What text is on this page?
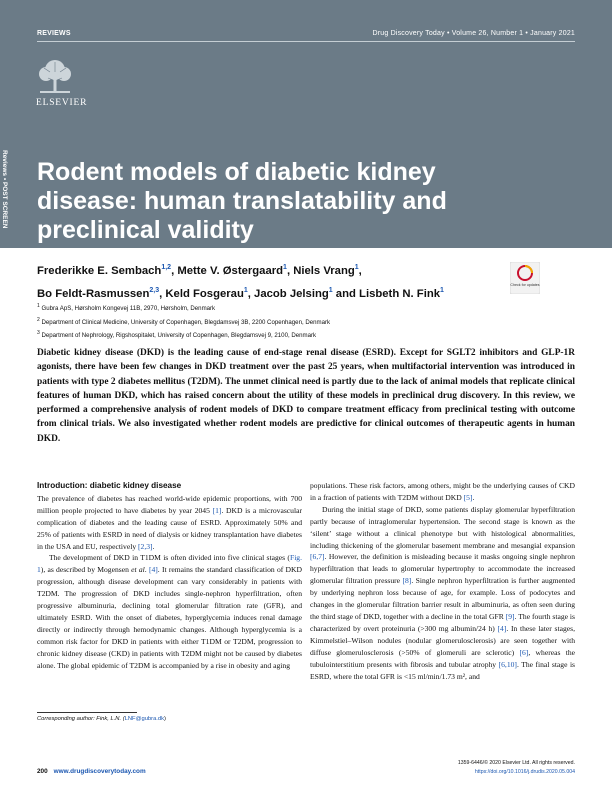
REVIEWS	Drug Discovery Today • Volume 26, Number 1 • January 2021
ELSEVIER
Reviews • POST SCREEN Rodent models of diabetic kidney disease: human translatability and preclinical validity
Frederikke E. Sembach$^{1,2}$, Mette V. Østergaard$^1$, Niels Vrang$^1$,
Bo Feldt-Rasmussen$^{2,3}$, Keld Fosgerau$^1$, Jacob Jelsing$^1$ and Lisbeth N. Fink$^1$
Check for updates
$^1$ Gubra ApS, Hørsholm Kongevej 11B, 2970, Hørsholm, Denmark
$^2$ Department of Clinical Medicine, University of Copenhagen, Blegdamsvej 3B, 2200 Copenhagen, Denmark
$^3$ Department of Nephrology, Rigshospitalet, University of Copenhagen, Blegdamsvej 9, 2100, Denmark
Diabetic kidney disease (DKD) is the leading cause of end-stage renal disease (ESRD). Except for SGLT2 inhibitors and GLP-1R agonists, there have been few changes in DKD treatment over the past 25 years, when multifactorial intervention was introduced in patients with type 2 diabetes mellitus (T2DM). The unmet clinical need is partly due to the lack of animal models that replicate clinical features of human DKD, which has raised concern about the utility of these models in preclinical drug discovery. In this review, we performed a comprehensive analysis of rodent models of DKD to compare treatment efficacy from preclinical testing with outcome from clinical trials. We also investigated whether rodent models are predictive for clinical outcomes of therapeutic agents in human DKD.
Introduction: diabetic kidney disease

The prevalence of diabetes has reached world-wide epidemic proportions, with 700 million people projected to have diabetes by year 2045 [1]. DKD is a microvascular complication of diabetes and the leading cause of ESRD. Approximately 50% and 25% of patients with ESRD in need of dialysis or kidney transplantation have diabetes in the USA and EU, respectively [2,3].

The development of DKD in T1DM is often divided into five clinical stages (Fig. 1), as described by Mogensen et al. [4]. It remains the standard classification of DKD progression, although disease development can vary considerably in patients with T2DM. The progression of DKD includes single-nephron hyperfiltration, often progressive albuminuria, declining total glomerular filtration rate (GFR), and ultimately ESRD. With the onset of diabetes, hyperglycemia induces renal damage directly or indirectly through hemodynamic changes. Although hyperglycemia is a common risk factor for DKD in patients with either T1DM or T2DM, progression to chronic kidney disease (CKD) in patients with T2DM might not be caused by diabetes alone. The global epidemic of T2DM is accompanied by a rise in obesity and aging

populations. These risk factors, among others, might be the underlying causes of CKD in a fraction of patients with T2DM without DKD [5].

During the initial stage of DKD, some patients display glomerular hyperfiltration partly because of intraglomerular hypertension. The second stage is known as the ‘silent’ stage without a clinical phenotype but with histological abnormalities, including thickening of the glomerular basement membrane and mesangial expansion [6,7]. However, the definition is misleading because it masks ongoing single nephron hyperfiltration that leads to glomerular hypertrophy to accommodate the increased glomerular filtration pressure [8]. Single nephron hyperfiltration is further augmented by underlying nephron loss because of age, for example. Loss of podocytes and changes in the glomerular filtration barrier result in albuminuria, as often seen during the third stage of DKD, together with a decline in the total GFR [9]. The fourth stage is characterized by overt proteinuria (>300 mg albumin/24 h) [4]. In these later stages, Kimmelstiel–Wilson nodules (nodular glomerulosclerosis) are seen together with diffuse glomerulosclerosis (>50% of glomeruli are sclerotic) [6], whereas the tubulointerstitium presents with fibrosis and tubular atrophy [6,10]. The final stage is ESRD, where the total GFR is <15 ml/min/1.73 m², and

Corresponding author: Fink, L.N. (LNF@gubra.dk)
200 www.drugdiscoverytoday.com
1359-6446/© 2020 Elsevier Ltd. All rights reserved.
https://doi.org/10.1016/j.drudis.2020.05.004
